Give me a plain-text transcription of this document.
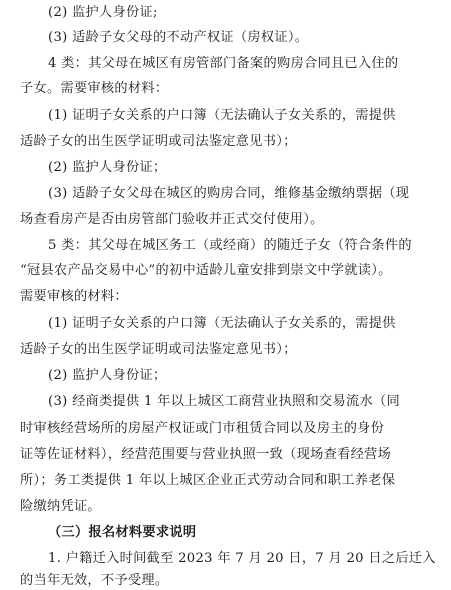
(2) 监护人身份证;
(3) 适龄子女父母的不动产权证（房权证）。
4 类：其父母在城区有房管部门备案的购房合同且已入住的
子女。需要审核的材料：
(1) 证明子女关系的户口簿（无法确认子女关系的，需提供
适龄子女的出生医学证明或司法鉴定意见书）；
(2) 监护人身份证；
(3) 适龄子女父母在城区的购房合同，维修基金缴纳票据（现
场查看房产是否由房管部门验收并正式交付使用）。
5 类：其父母在城区务工（或经商）的随迁子女（符合条件的
“冠县农产品交易中心”的初中适龄儿童安排到崇文中学就读）。
需要审核的材料：
(1) 证明子女关系的户口簿（无法确认子女关系的，需提供
适龄子女的出生医学证明或司法鉴定意见书）；
(2) 监护人身份证；
(3) 经商类提供 1 年以上城区工商营业执照和交易流水（同
时审核经营场所的房屋产权证或门市租赁合同以及房主的身份
证等佐证材料），经营范围要与营业执照一致（现场查看经营场
所）；务工类提供 1 年以上城区企业正式劳动合同和职工养老保
险缴纳凭证。
（三）报名材料要求说明
1. 户籍迁入时间截至 2023 年 7 月 20 日，7 月 20 日之后迁入
的当年无效，不予受理。
